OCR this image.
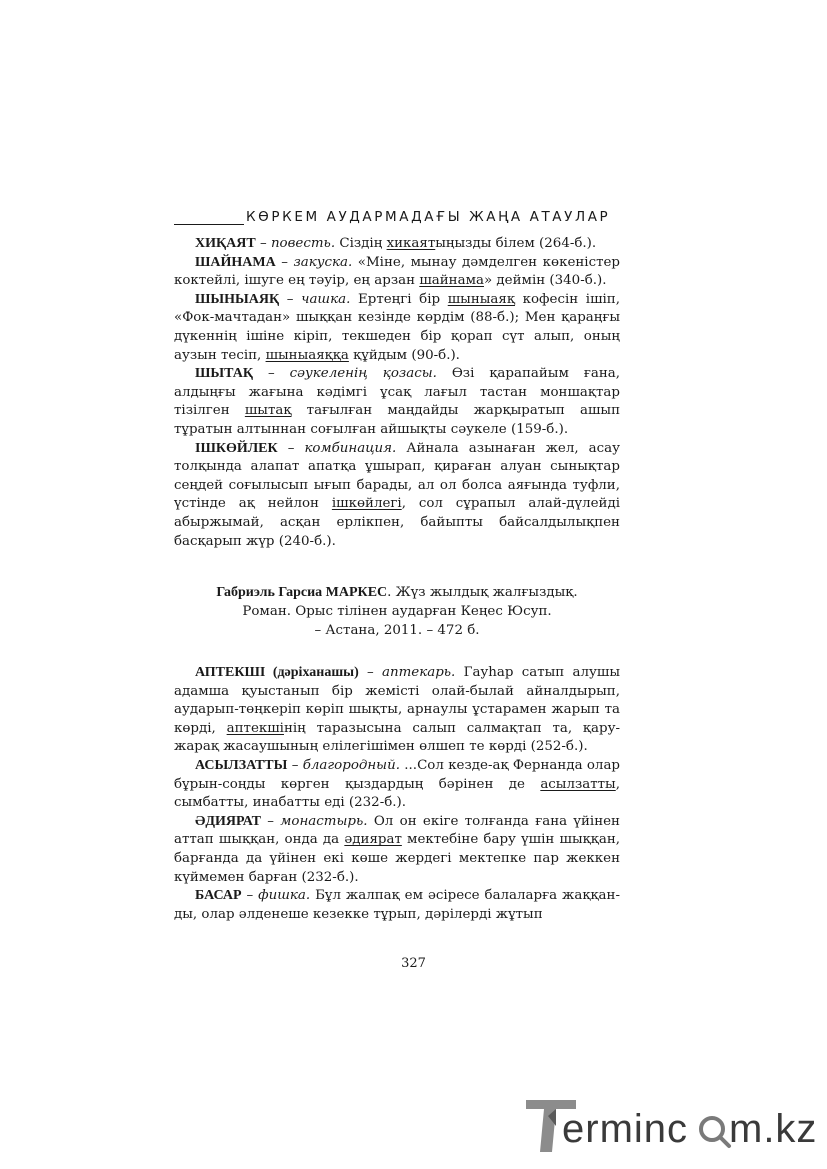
КӨРКЕМ АУДАРМАДАҒЫ ЖАҢА АТАУЛАР

ХИҚАЯТ – повесть. Сіздің хикаятыңызды білем (264-б.).

ШАЙНАМА – закуска. «Міне, мынау дәмделген көкеністер коктейлі, ішуге ең тәуір, ең арзан шайнама» деймін (340-б.).

ШЫНЫАЯҚ – чашка. Ертеңгі бір шыныаяқ кофесін ішіп, «Фок-мачтадан» шыққан кезінде көрдім (88-б.); Мен қараңғы дүкеннің ішіне кіріп, текшеден бір қорап сүт алып, оның аузын тесіп, шыныаяққа құйдым (90-б.).

ШЫТАҚ – сәукеленің қозасы. Өзі қарапайым ғана, алдыңғы жағына кәдімгі ұсақ лағыл тастан моншақтар тізілген шытақ тағылған маңдайды жарқыратып ашып тұратын алтыннан соғылған айшықты сәукеле (159-б.).

ІШКӨЙЛЕК – комбинация. Айнала азынаған жел, асау толқында алапат апатқа ұшырап, қираған алуан сынықтар сеңдей соғылысып ығып барады, ал ол болса аяғында туфли, үстінде ақ нейлон ішкөйлегі, сол сұрапыл алай-дүлейді абыржымай, асқан ерлікпен, байыпты байсалдылықпен басқарып жүр (240-б.).

Габриэль Гарсиа МАРКЕС. Жүз жылдық жалғыздық.
Роман. Орыс тілінен аударған Кеңес Юсуп.
– Астана, 2011. – 472 б.

АПТЕКШІ (дәріханашы) – аптекарь. Гауһар сатып алушы адамша қуыстанып бір жемісті олай-былай айналдырып, аударып-төңкеріп көріп шықты, арнаулы ұстарамен жарып та көрді, аптекшінің таразысына салып салмақтап та, қару-жарақ жасаушының елілегішімен өлшеп те көрді (252-б.).

АСЫЛЗАТТЫ – благородный. ...Сол кезде-ақ Фернанда олар бұрын-соңды көрген қыздардың бәрінен де асылзатты, сымбатты, инабатты еді (232-б.).

ӘДИЯРАТ – монастырь. Ол он екіге толғанда ғана үйінен аттап шыққан, онда да әдиярат мектебіне бару үшін шыққан, барғанда да үйінен екі көше жердегі мектепке пар жеккен күймемен барған (232-б.).

БАСАР – фишка. Бұл жалпақ ем әсіресе балаларға жаққан-ды, олар әлденеше кезекке тұрып, дәрілерді жұтып

327
erminc m.kz
